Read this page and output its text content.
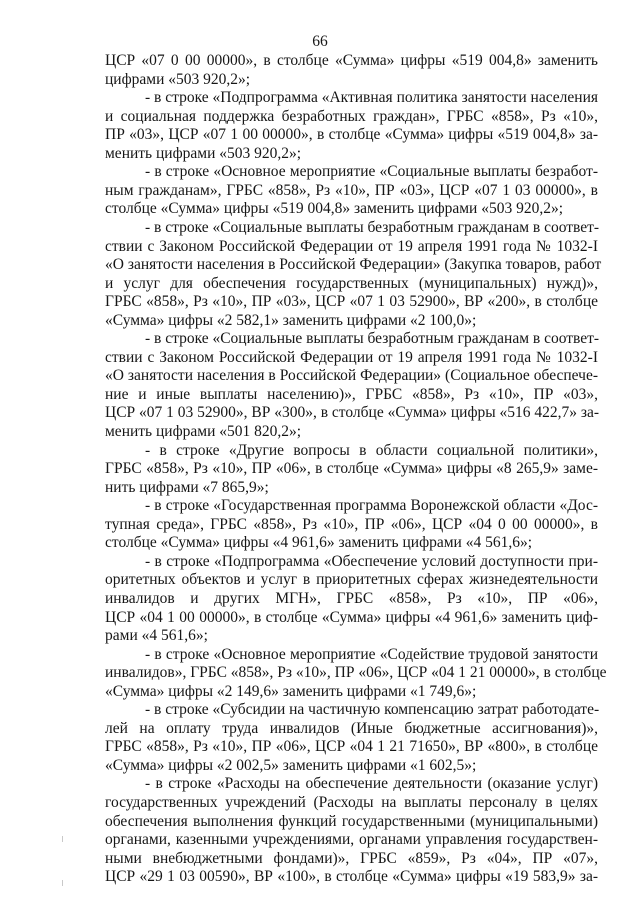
66
ЦСР «07 0 00 00000», в столбце «Сумма» цифры «519 004,8» заменить
цифрами «503 920,2»;
- в строке «Подпрограмма «Активная политика занятости населения
и социальная поддержка безработных граждан», ГРБС «858», Рз «10»,
ПР «03», ЦСР «07 1 00 00000», в столбце «Сумма» цифры «519 004,8» за-
менить цифрами «503 920,2»;
- в строке «Основное мероприятие «Социальные выплаты безработ-
ным гражданам», ГРБС «858», Рз «10», ПР «03», ЦСР «07 1 03 00000», в
столбце «Сумма» цифры «519 004,8» заменить цифрами «503 920,2»;
- в строке «Социальные выплаты безработным гражданам в соответ-
ствии с Законом Российской Федерации от 19 апреля 1991 года № 1032-I
«О занятости населения в Российской Федерации» (Закупка товаров, работ
и услуг для обеспечения государственных (муниципальных) нужд)»,
ГРБС «858», Рз «10», ПР «03», ЦСР «07 1 03 52900», ВР «200», в столбце
«Сумма» цифры «2 582,1» заменить цифрами «2 100,0»;
- в строке «Социальные выплаты безработным гражданам в соответ-
ствии с Законом Российской Федерации от 19 апреля 1991 года № 1032-I
«О занятости населения в Российской Федерации» (Социальное обеспече-
ние и иные выплаты населению)», ГРБС «858», Рз «10», ПР «03»,
ЦСР «07 1 03 52900», ВР «300», в столбце «Сумма» цифры «516 422,7» за-
менить цифрами «501 820,2»;
- в строке «Другие вопросы в области социальной политики»,
ГРБС «858», Рз «10», ПР «06», в столбце «Сумма» цифры «8 265,9» заме-
нить цифрами «7 865,9»;
- в строке «Государственная программа Воронежской области «Дос-
тупная среда», ГРБС «858», Рз «10», ПР «06», ЦСР «04 0 00 00000», в
столбце «Сумма» цифры «4 961,6» заменить цифрами «4 561,6»;
- в строке «Подпрограмма «Обеспечение условий доступности при-
оритетных объектов и услуг в приоритетных сферах жизнедеятельности
инвалидов и других МГН», ГРБС «858», Рз «10», ПР «06»,
ЦСР «04 1 00 00000», в столбце «Сумма» цифры «4 961,6» заменить циф-
рами «4 561,6»;
- в строке «Основное мероприятие «Содействие трудовой занятости
инвалидов», ГРБС «858», Рз «10», ПР «06», ЦСР «04 1 21 00000», в столбце
«Сумма» цифры «2 149,6» заменить цифрами «1 749,6»;
- в строке «Субсидии на частичную компенсацию затрат работодате-
лей на оплату труда инвалидов (Иные бюджетные ассигнования)»,
ГРБС «858», Рз «10», ПР «06», ЦСР «04 1 21 71650», ВР «800», в столбце
«Сумма» цифры «2 002,5» заменить цифрами «1 602,5»;
- в строке «Расходы на обеспечение деятельности (оказание услуг)
государственных учреждений (Расходы на выплаты персоналу в целях
обеспечения выполнения функций государственными (муниципальными)
органами, казенными учреждениями, органами управления государствен-
ными внебюджетными фондами)», ГРБС «859», Рз «04», ПР «07»,
ЦСР «29 1 03 00590», ВР «100», в столбце «Сумма» цифры «19 583,9» за-
